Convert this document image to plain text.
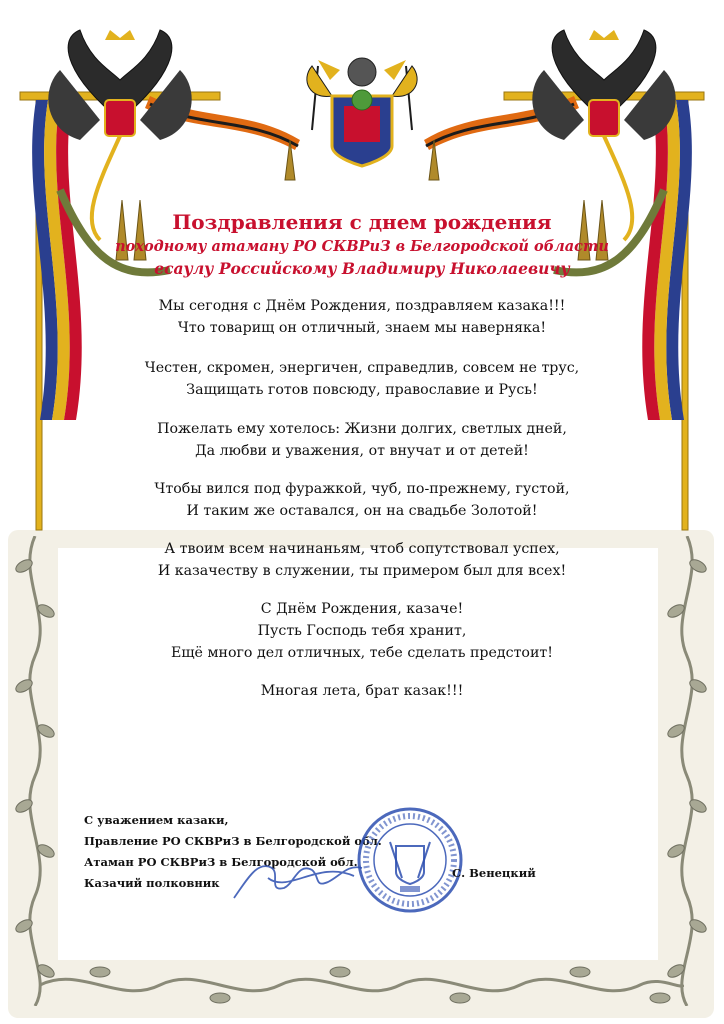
Поздравления с днем рождения
походному атаману РО СКВРиЗ в Белгородской области
есаулу Российскому Владимиру Николаевичу
Мы сегодня с Днём Рождения, поздравляем казака!!!
Что товарищ он отличный, знаем мы наверняка!
Честен, скромен, энергичен, справедлив, совсем не трус,
Защищать готов повсюду, православие и Русь!
Пожелать ему хотелось: Жизни долгих, светлых дней,
Да любви и уважения, от внучат и от детей!
Чтобы вился под фуражкой, чуб, по-прежнему, густой,
И таким же оставался, он на свадьбе Золотой!
А твоим всем начинаньям, чтоб сопутствовал успех,
И казачеству в служении, ты примером был для всех!
С Днём Рождения, казаче!
Пусть Господь тебя хранит,
Ещё много дел отличных, тебе сделать предстоит!
Многая лета, брат казак!!!
С уважением казаки,
Правление РО СКВРиЗ в Белгородской обл.
Атаман РО СКВРиЗ в Белгородской обл.
Казачий полковник
С. Венецкий
